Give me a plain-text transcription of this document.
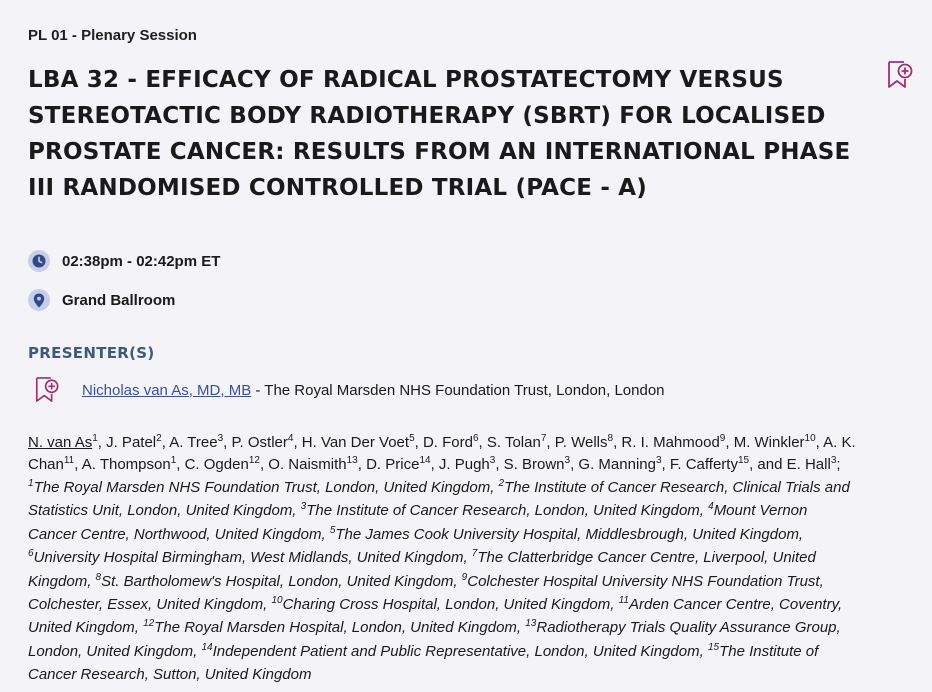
PL 01 - Plenary Session
LBA 32 - EFFICACY OF RADICAL PROSTATECTOMY VERSUS
STEREOTACTIC BODY RADIOTHERAPY (SBRT) FOR LOCALISED
PROSTATE CANCER: RESULTS FROM AN INTERNATIONAL PHASE
III RANDOMISED CONTROLLED TRIAL (PACE - A)
02:38pm - 02:42pm ET
Grand Ballroom
PRESENTER(S)
Nicholas van As, MD, MB - The Royal Marsden NHS Foundation Trust, London, London
N. van As$^1$, J. Patel$^2$, A. Tree$^3$, P. Ostler$^4$, H. Van Der Voet$^5$, D. Ford$^6$, S. Tolan$^7$, P. Wells$^8$, R. I. Mahmood$^9$, M. Winkler$^{10}$, A. K.
Chan$^{11}$, A. Thompson$^1$, C. Ogden$^{12}$, O. Naismith$^{13}$, D. Price$^{14}$, J. Pugh$^3$, S. Brown$^3$, G. Manning$^3$, F. Cafferty$^{15}$, and E. Hall$^3$;
$^1$The Royal Marsden NHS Foundation Trust, London, United Kingdom, $^2$The Institute of Cancer Research, Clinical Trials and
Statistics Unit, London, United Kingdom, $^3$The Institute of Cancer Research, London, United Kingdom, $^4$Mount Vernon
Cancer Centre, Northwood, United Kingdom, $^5$The James Cook University Hospital, Middlesbrough, United Kingdom,
$^6$University Hospital Birmingham, West Midlands, United Kingdom, $^7$The Clatterbridge Cancer Centre, Liverpool, United
Kingdom, $^8$St. Bartholomew's Hospital, London, United Kingdom, $^9$Colchester Hospital University NHS Foundation Trust,
Colchester, Essex, United Kingdom, $^{10}$Charing Cross Hospital, London, United Kingdom, $^{11}$Arden Cancer Centre, Coventry,
United Kingdom, $^{12}$The Royal Marsden Hospital, London, United Kingdom, $^{13}$Radiotherapy Trials Quality Assurance Group,
London, United Kingdom, $^{14}$Independent Patient and Public Representative, London, United Kingdom, $^{15}$The Institute of
Cancer Research, Sutton, United Kingdom
